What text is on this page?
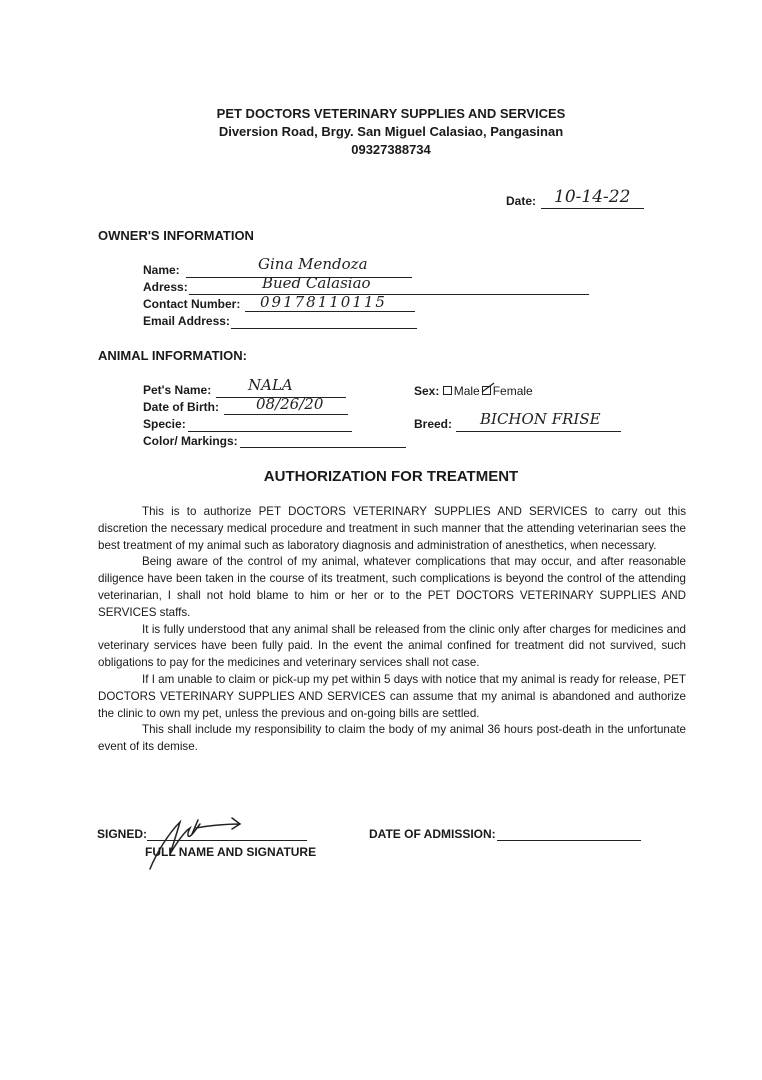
PET DOCTORS VETERINARY SUPPLIES AND SERVICES
Diversion Road, Brgy. San Miguel Calasiao, Pangasinan
09327388734
Date: 10-14-22
OWNER'S INFORMATION
Name:	Gina Mendoza
Adress:	Bued Calasiao
Contact Number: 09178110115
Email Address:
ANIMAL INFORMATION:
Pet's Name: NALA
Date of Birth: 08/26/20
Specie:
Color/ Markings:
Sex: Male Female
Breed: BICHON FRISE
AUTHORIZATION FOR TREATMENT

This is to authorize PET DOCTORS VETERINARY SUPPLIES AND SERVICES to carry out this discretion the necessary medical procedure and treatment in such manner that the attending veterinarian sees the best treatment of my animal such as laboratory diagnosis and administration of anesthetics, when necessary.

Being aware of the control of my animal, whatever complications that may occur, and after reasonable diligence have been taken in the course of its treatment, such complications is beyond the control of the attending veterinarian, I shall not hold blame to him or her or to the PET DOCTORS VETERINARY SUPPLIES AND SERVICES staffs.

It is fully understood that any animal shall be released from the clinic only after charges for medicines and veterinary services have been fully paid. In the event the animal confined for treatment did not survived, such obligations to pay for the medicines and veterinary services shall not case.

If I am unable to claim or pick-up my pet within 5 days with notice that my animal is ready for release, PET DOCTORS VETERINARY SUPPLIES AND SERVICES can assume that my animal is abandoned and authorize the clinic to own my pet, unless the previous and on-going bills are settled.

This shall include my responsibility to claim the body of my animal 36 hours post-death in the unfortunate event of its demise.

SIGNED:
FULL NAME AND SIGNATURE
DATE OF ADMISSION:
